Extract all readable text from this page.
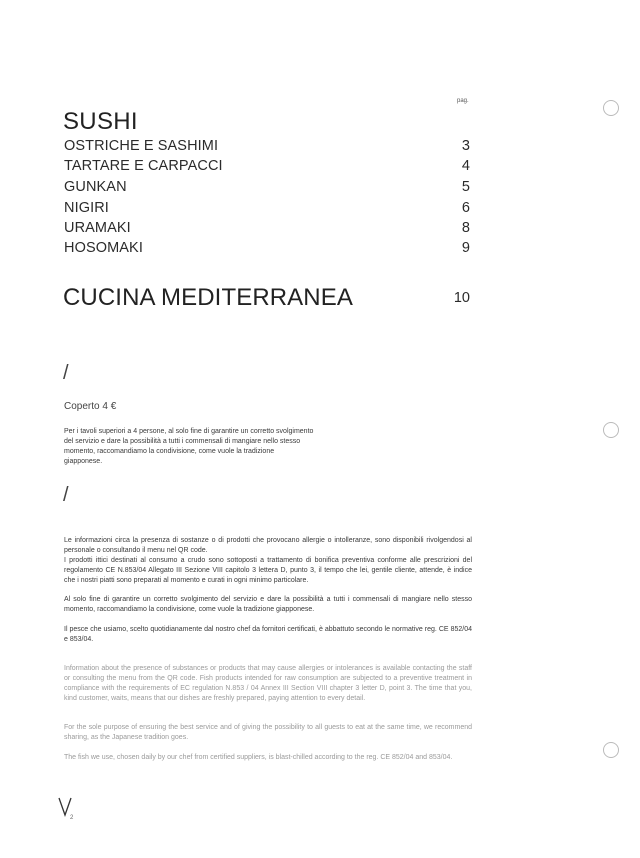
pag.
SUSHI
OSTRICHE E SASHIMI	3
TARTARE E CARPACCI	4
GUNKAN	5
NIGIRI	6
URAMAKI	8
HOSOMAKI	9
CUCINA MEDITERRANEA	10
/
Coperto 4 €

Per i tavoli superiori a 4 persone, al solo fine di garantire un corretto svolgimento del servizio e dare la possibilità a tutti i commensali di mangiare nello stesso momento, raccomandiamo la condivisione, come vuole la tradizione giapponese.

/

Le informazioni circa la presenza di sostanze o di prodotti che provocano allergie o intolleranze, sono disponibili rivolgendosi al personale o consultando il menu nel QR code.

I prodotti ittici destinati al consumo a crudo sono sottoposti a trattamento di bonifica preventiva conforme alle prescrizioni del regolamento CE N.853/04 Allegato III Sezione VIII capitolo 3 lettera D, punto 3, il tempo che lei, gentile cliente, attende, è indice che i nostri piatti sono preparati al momento e curati in ogni minimo particolare.

Al solo fine di garantire un corretto svolgimento del servizio e dare la possibilità a tutti i commensali di mangiare nello stesso momento, raccomandiamo la condivisione, come vuole la tradizione giapponese.

Il pesce che usiamo, scelto quotidianamente dal nostro chef da fornitori certificati, è abbattuto secondo le normative reg. CE 852/04 e 853/04.

Information about the presence of substances or products that may cause allergies or intolerances is available contacting the staff or consulting the menu from the QR code. Fish products intended for raw consumption are subjected to a preventive treatment in compliance with the requirements of EC regulation N.853 / 04 Annex III Section VIII chapter 3 letter D, point 3. The time that you, kind customer, waits, means that our dishes are freshly prepared, paying attention to every detail.

For the sole purpose of ensuring the best service and of giving the possibility to all guests to eat at the same time, we recommend sharing, as the Japanese tradition goes.

The fish we use, chosen daily by our chef from certified suppliers, is blast-chilled according to the reg. CE 852/04 and 853/04.

2
